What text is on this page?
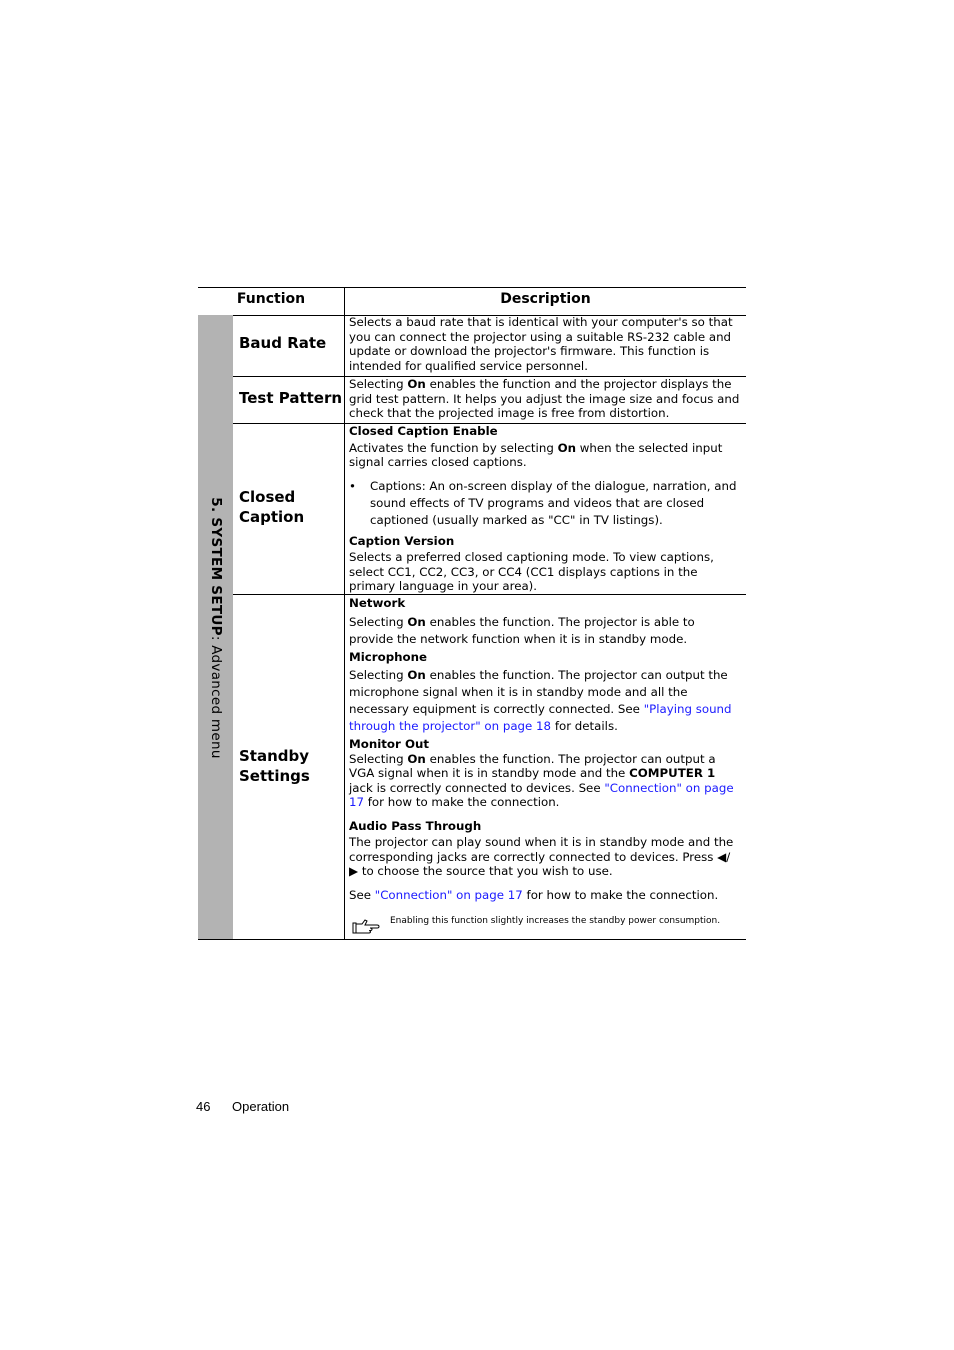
Function	Description
5. SYSTEM SETUP: Advanced menu
Baud Rate

Selects a baud rate that is identical with your computer's so that you can connect the projector using a suitable RS-232 cable and update or download the projector's firmware. This function is intended for qualified service personnel.

Test Pattern

Selecting On enables the function and the projector displays the grid test pattern. It helps you adjust the image size and focus and check that the projected image is free from distortion.

Closed
Caption

Closed Caption Enable

Activates the function by selecting On when the selected input signal carries closed captions.

• Captions: An on-screen display of the dialogue, narration, and sound effects of TV programs and videos that are closed captioned (usually marked as "CC" in TV listings).

Caption Version

Selects a preferred closed captioning mode. To view captions, select CC1, CC2, CC3, or CC4 (CC1 displays captions in the primary language in your area).

Standby
Settings

Network

Selecting On enables the function. The projector is able to provide the network function when it is in standby mode.

Microphone

Selecting On enables the function. The projector can output the microphone signal when it is in standby mode and all the necessary equipment is correctly connected. See "Playing sound through the projector" on page 18 for details.

Monitor Out

Selecting On enables the function. The projector can output a VGA signal when it is in standby mode and the COMPUTER 1 jack is correctly connected to devices. See "Connection" on page 17 for how to make the connection.

Audio Pass Through

The projector can play sound when it is in standby mode and the corresponding jacks are correctly connected to devices. Press ◀/ ▶ to choose the source that you wish to use.

See "Connection" on page 17 for how to make the connection.

Enabling this function slightly increases the standby power consumption.
46 Operation
